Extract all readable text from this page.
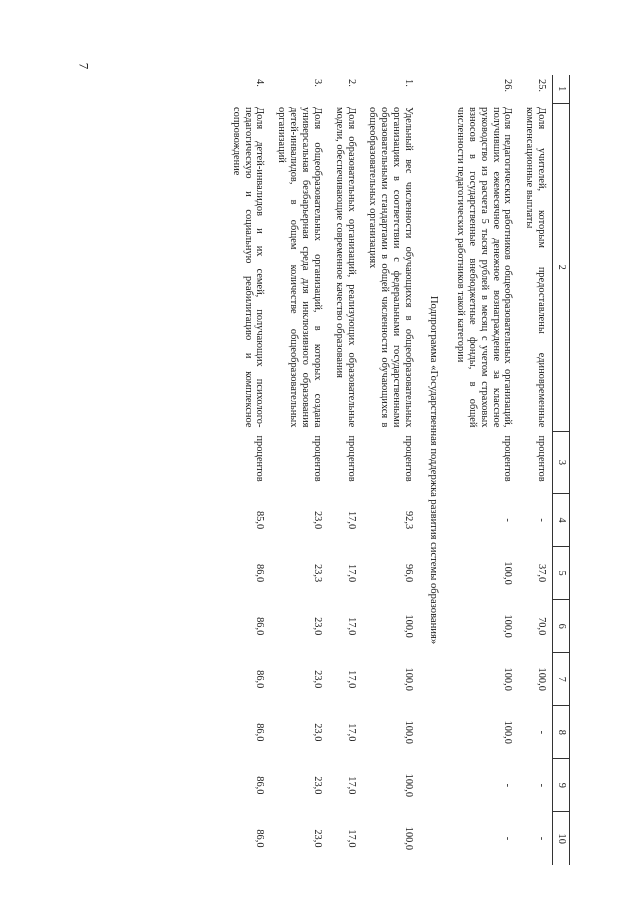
7
1	2	3	4	5	6	7	8	9	10
25.	Доля учителей, которым предоставлены единовременные компенсационные выплаты	процентов	-	37,0	70,0	100,0	-	-	-
26.	Доля педагогических работников общеобразовательных организаций, получивших ежемесячное денежное вознаграждение за классное руководство из расчета 5 тысяч рублей в месяц с учетом страховых взносов в государственные внебюджетные фонды, в общей численности педагогических работников такой категории	процентов	-	100,0	100,0	100,0	100,0	-	-
Подпрограмма «Государственная поддержка развития системы образования»									
1.	Удельный вес численности обучающихся в общеобразовательных организациях в соответствии с федеральными государственными образовательными стандартами в общей численности обучающихся в общеобразовательных организациях	процентов	92,3	96,0	100,0	100,0	100,0	100,0	100,0
2.	Доля образовательных организаций, реализующих образовательные модели, обеспечивающие современное качество образования	процентов	17,0	17,0	17,0	17,0	17,0	17,0	17,0
3.	Доля общеобразовательных организаций, в которых создана универсальная безбарьерная среда для инклюзивного образования детей-инвалидов, в общем количестве общеобразовательных организаций	процентов	23,0	23,3	23,0	23,0	23,0	23,0	23,0
4.	Доля детей-инвалидов и их семей, получающих психолого-педагогическую и социальную реабилитацию и комплексное сопровождение	процентов	85,0	86,0	86,0	86,0	86,0	86,0	86,0
